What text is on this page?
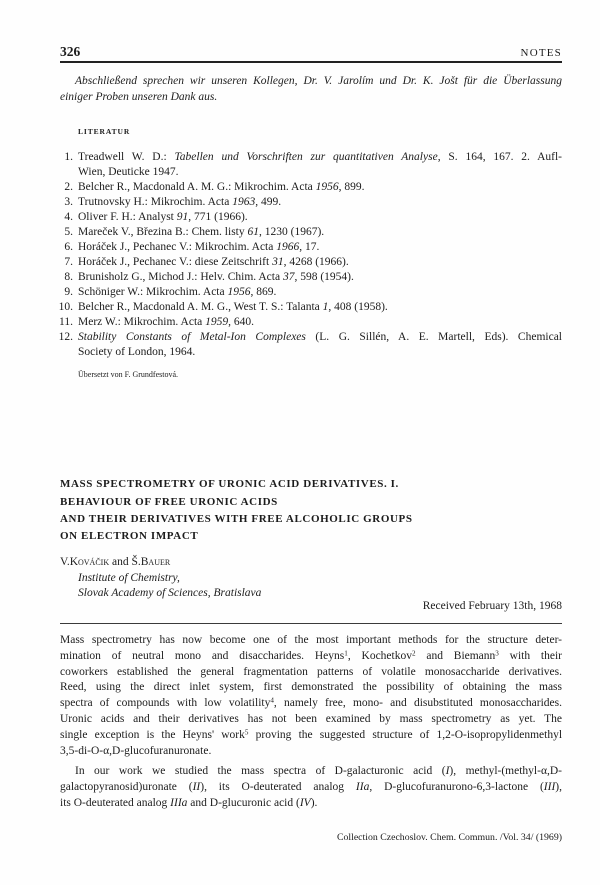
326	NOTES
Abschließend sprechen wir unseren Kollegen, Dr. V. Jarolím und Dr. K. Jošt für die Überlassung
einiger Proben unseren Dank aus.
LITERATUR
1. Treadwell W. D.: Tabellen und Vorschriften zur quantitativen Analyse, S. 164, 167. 2. Aufl-
Wien, Deuticke 1947.
2. Belcher R., Macdonald A. M. G.: Mikrochim. Acta 1956, 899.
3. Trutnovsky H.: Mikrochim. Acta 1963, 499.
4. Oliver F. H.: Analyst 91, 771 (1966).
5. Mareček V., Březina B.: Chem. listy 61, 1230 (1967).
6. Horáček J., Pechanec V.: Mikrochim. Acta 1966, 17.
7. Horáček J., Pechanec V.: diese Zeitschrift 31, 4268 (1966).
8. Brunisholz G., Michod J.: Helv. Chim. Acta 37, 598 (1954).
9. Schöniger W.: Mikrochim. Acta 1956, 869.
10. Belcher R., Macdonald A. M. G., West T. S.: Talanta 1, 408 (1958).
11. Merz W.: Mikrochim. Acta 1959, 640.
12. Stability Constants of Metal-Ion Complexes (L. G. Sillén, A. E. Martell, Eds). Chemical
Society of London, 1964.
Übersetzt von F. Grundfestová.
MASS SPECTROMETRY OF URONIC ACID DERIVATIVES. I.
BEHAVIOUR OF FREE URONIC ACIDS
AND THEIR DERIVATIVES WITH FREE ALCOHOLIC GROUPS
ON ELECTRON IMPACT
V.Kováčik and Š.Bauer
Institute of Chemistry,
Slovak Academy of Sciences, Bratislava
Received February 13th, 1968
Mass spectrometry has now become one of the most important methods for the structure deter-
mination of neutral mono and disaccharides. Heyns$^1$, Kochetkov$^2$ and Biemann$^3$ with their
coworkers established the general fragmentation patterns of volatile monosaccharide derivatives.
Reed, using the direct inlet system, first demonstrated the possibility of obtaining the mass
spectra of compounds with low volatility$^4$, namely free, mono- and disubstituted monosaccharides.
Uronic acids and their derivatives has not been examined by mass spectrometry as yet. The
single exception is the Heyns' work$^5$ proving the suggested structure of 1,2-O-isopropylidenmethyl
3,5-di-O-α,D-glucofuranuronate.
In our work we studied the mass spectra of D-galacturonic acid (I), methyl-(methyl-α,D-
galactopyranosid)uronate (II), its O-deuterated analog IIa, D-glucofuranurono-6,3-lactone (III),
its O-deuterated analog IIIa and D-glucuronic acid (IV).
Collection Czechoslov. Chem. Commun. /Vol. 34/ (1969)
